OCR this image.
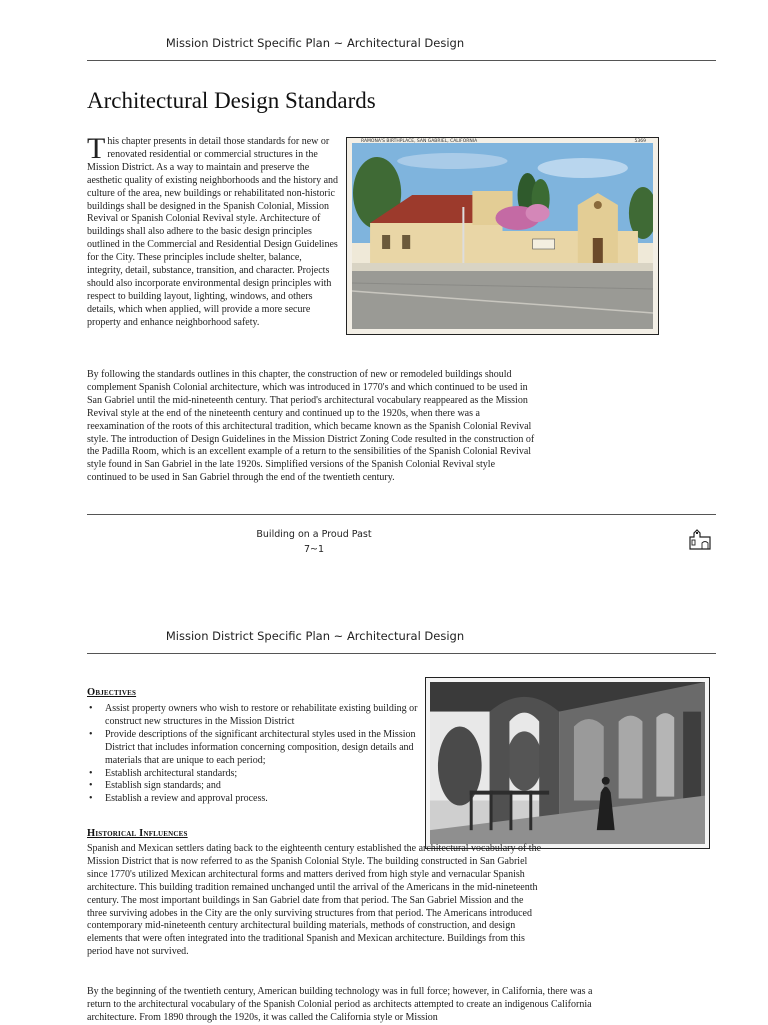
Mission District Specific Plan ~ Architectural Design
Architectural Design Standards

This chapter presents in detail those standards for new or renovated residential or commercial structures in the Mission District. As a way to maintain and preserve the aesthetic quality of existing neighborhoods and the history and culture of the area, new buildings or rehabilitated non-historic buildings shall be designed in the Spanish Colonial, Mission Revival or Spanish Colonial Revival style. Architecture of buildings shall also adhere to the basic design principles outlined in the Commercial and Residential Design Guidelines for the City. These principles include shelter, balance, integrity, detail, substance, transition, and character. Projects should also incorporate environmental design principles with respect to building layout, lighting, windows, and others details, which when applied, will provide a more secure property and enhance neighborhood safety.

RAMONA'S BIRTHPLACE, SAN GABRIEL, CALIFORNIA	5369

By following the standards outlines in this chapter, the construction of new or remodeled buildings should complement Spanish Colonial architecture, which was introduced in 1770's and which continued to be used in San Gabriel until the mid-nineteenth century. That period's architectural vocabulary reappeared as the Mission Revival style at the end of the nineteenth century and continued up to the 1920s, when there was a reexamination of the roots of this architectural tradition, which became known as the Spanish Colonial Revival style. The introduction of Design Guidelines in the Mission District Zoning Code resulted in the construction of the Padilla Room, which is an excellent example of a return to the sensibilities of the Spanish Colonial Revival style found in San Gabriel in the late 1920s. Simplified versions of the Spanish Colonial Revival style continued to be used in San Gabriel through the end of the twentieth century.

Building on a Proud Past
7~1
Mission District Specific Plan ~ Architectural Design
Objectives
• Assist property owners who wish to restore or rehabilitate existing building or construct new structures in the Mission District
• Provide descriptions of the significant architectural styles used in the Mission District that includes information concerning composition, design details and materials that are unique to each period;
• Establish architectural standards;
• Establish sign standards; and
• Establish a review and approval process.
Historical Influences

Spanish and Mexican settlers dating back to the eighteenth century established the architectural vocabulary of the Mission District that is now referred to as the Spanish Colonial Style. The building constructed in San Gabriel since 1770's utilized Mexican architectural forms and matters derived from high style and vernacular Spanish architecture. This building tradition remained unchanged until the arrival of the Americans in the mid-nineteenth century. The most important buildings in San Gabriel date from that period. The San Gabriel Mission and the three surviving adobes in the City are the only surviving structures from that period. The Americans introduced contemporary mid-nineteenth century architectural building materials, methods of construction, and design elements that were often integrated into the traditional Spanish and Mexican architecture. Buildings from this period have not survived.

By the beginning of the twentieth century, American building technology was in full force; however, in California, there was a return to the architectural vocabulary of the Spanish Colonial period as architects attempted to create an indigenous California architecture. From 1890 through the 1920s, it was called the California style or Mission
